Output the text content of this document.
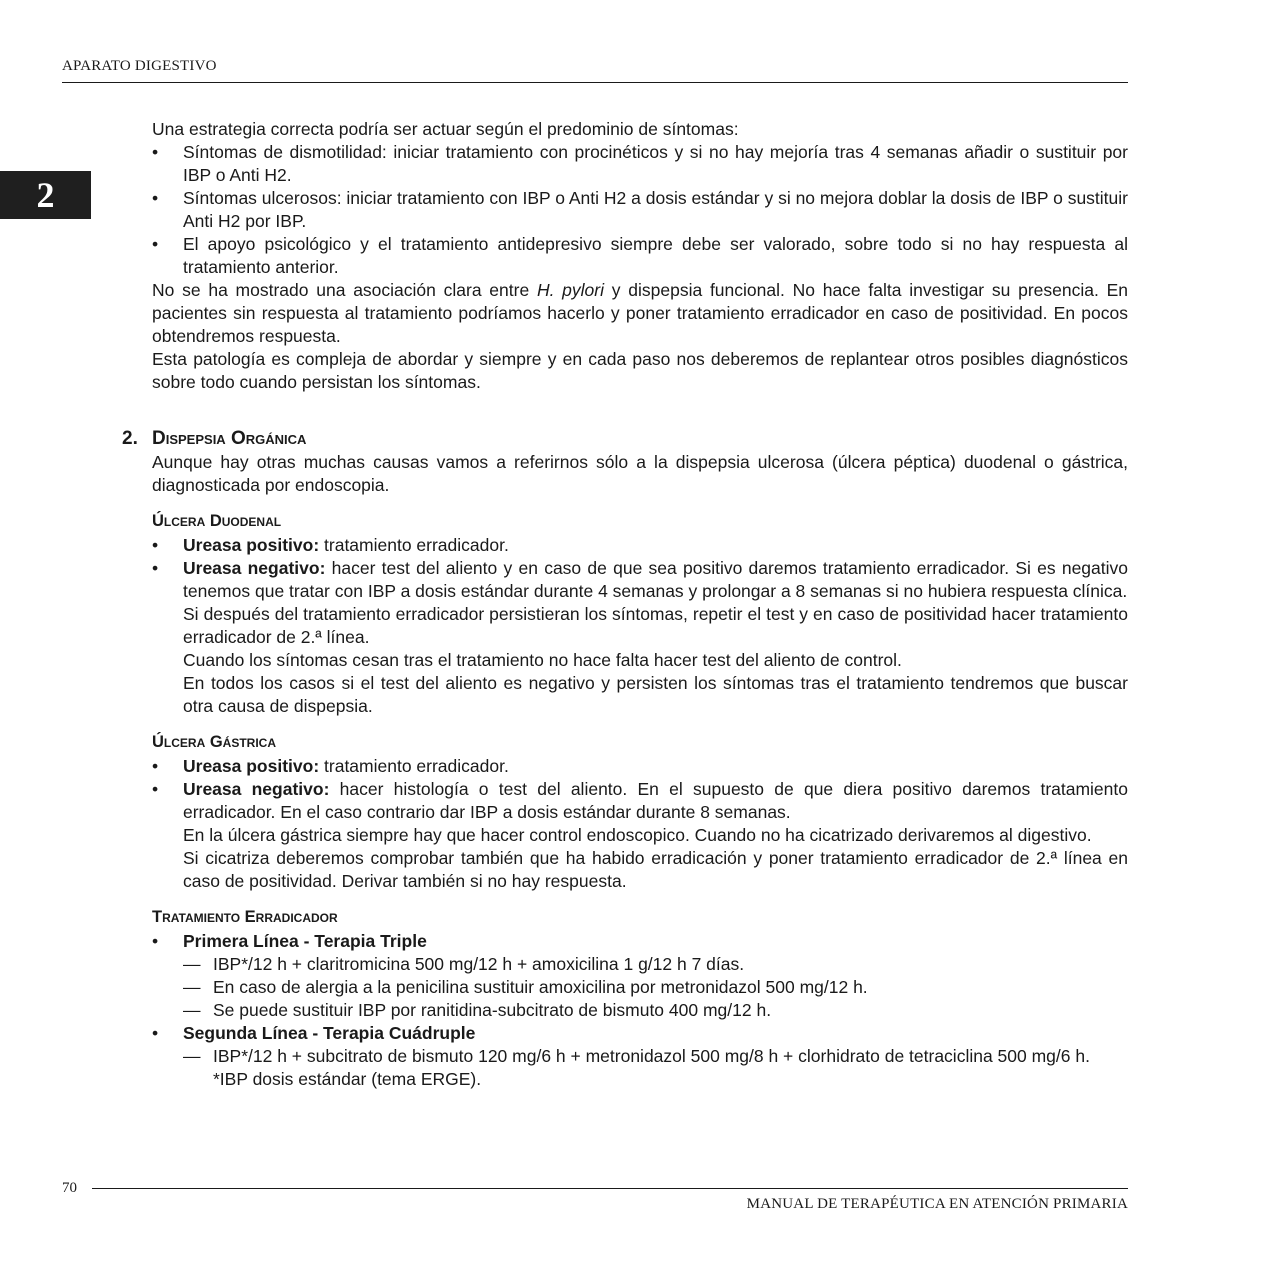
APARATO DIGESTIVO
2

Una estrategia correcta podría ser actuar según el predominio de síntomas:

• Síntomas de dismotilidad: iniciar tratamiento con procinéticos y si no hay mejoría tras 4 semanas añadir o sustituir por IBP o Anti H2.
• Síntomas ulcerosos: iniciar tratamiento con IBP o Anti H2 a dosis estándar y si no mejora doblar la dosis de IBP o sustituir Anti H2 por IBP.
• El apoyo psicológico y el tratamiento antidepresivo siempre debe ser valorado, sobre todo si no hay respuesta al tratamiento anterior.

No se ha mostrado una asociación clara entre H. pylori y dispepsia funcional. No hace falta investigar su presencia. En pacientes sin respuesta al tratamiento podríamos hacerlo y poner tratamiento erradicador en caso de positividad. En pocos obtendremos respuesta.

Esta patología es compleja de abordar y siempre y en cada paso nos deberemos de replantear otros posibles diagnósticos sobre todo cuando persistan los síntomas.

2. Dispepsia Orgánica

Aunque hay otras muchas causas vamos a referirnos sólo a la dispepsia ulcerosa (úlcera péptica) duodenal o gástrica, diagnosticada por endoscopia.

Úlcera Duodenal
• Ureasa positivo: tratamiento erradicador.
• Ureasa negativo: hacer test del aliento y en caso de que sea positivo daremos tratamiento erradicador. Si es negativo tenemos que tratar con IBP a dosis estándar durante 4 semanas y prolongar a 8 semanas si no hubiera respuesta clínica.
Si después del tratamiento erradicador persistieran los síntomas, repetir el test y en caso de positividad hacer tratamiento erradicador de 2.ª línea.
Cuando los síntomas cesan tras el tratamiento no hace falta hacer test del aliento de control.
En todos los casos si el test del aliento es negativo y persisten los síntomas tras el tratamiento tendremos que buscar otra causa de dispepsia.
Úlcera Gástrica
• Ureasa positivo: tratamiento erradicador.
• Ureasa negativo: hacer histología o test del aliento. En el supuesto de que diera positivo daremos tratamiento erradicador. En el caso contrario dar IBP a dosis estándar durante 8 semanas.
En la úlcera gástrica siempre hay que hacer control endoscopico. Cuando no ha cicatrizado derivaremos al digestivo.
Si cicatriza deberemos comprobar también que ha habido erradicación y poner tratamiento erradicador de 2.ª línea en caso de positividad. Derivar también si no hay respuesta.
Tratamiento Erradicador
• Primera Línea - Terapia Triple
— IBP*/12 h + claritromicina 500 mg/12 h + amoxicilina 1 g/12 h 7 días.
— En caso de alergia a la penicilina sustituir amoxicilina por metronidazol 500 mg/12 h.
— Se puede sustituir IBP por ranitidina-subcitrato de bismuto 400 mg/12 h.
• Segunda Línea - Terapia Cuádruple
— IBP*/12 h + subcitrato de bismuto 120 mg/6 h + metronidazol 500 mg/8 h + clorhidrato de tetraciclina 500 mg/6 h.
*IBP dosis estándar (tema ERGE).
70
MANUAL DE TERAPÉUTICA EN ATENCIÓN PRIMARIA
